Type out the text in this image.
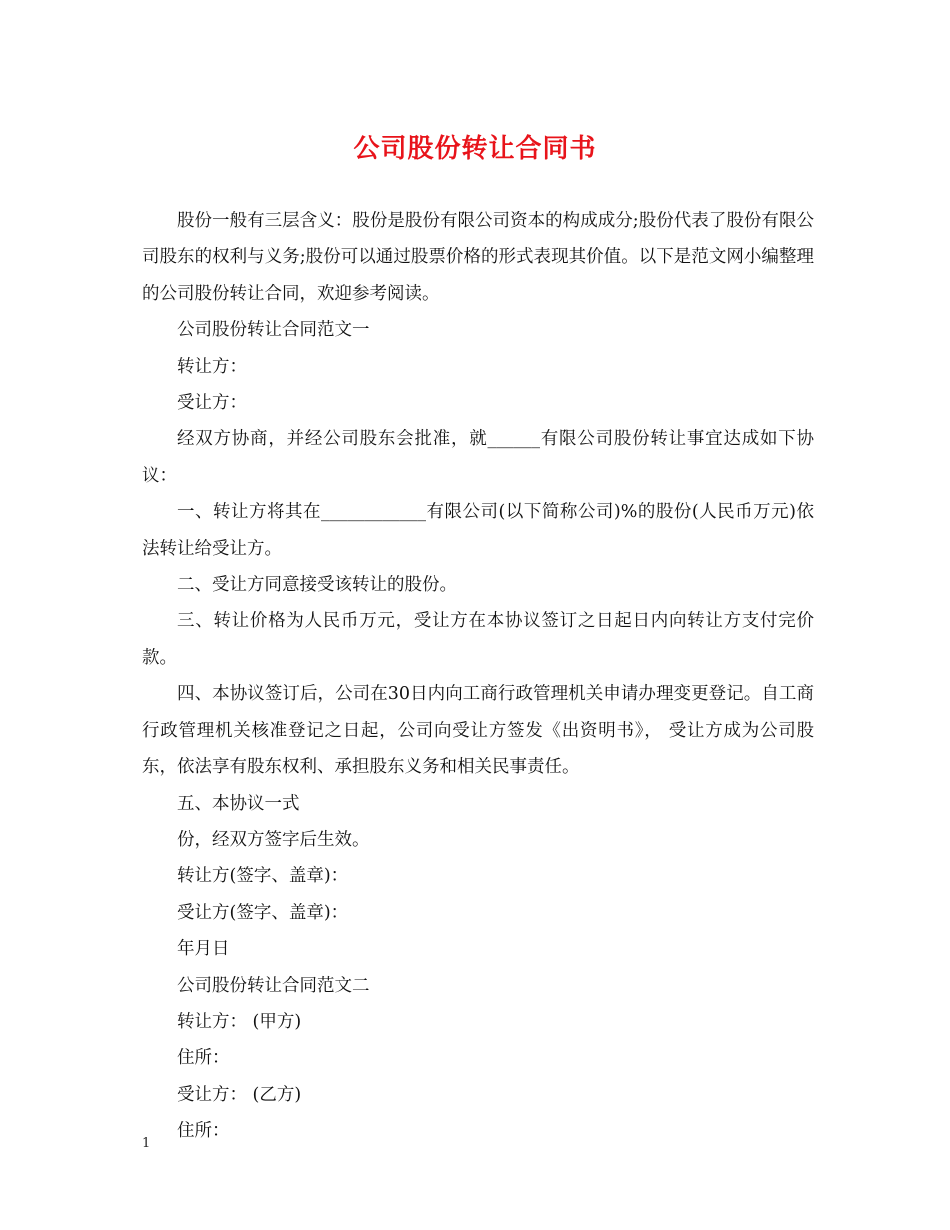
公司股份转让合同书

股份一般有三层含义：股份是股份有限公司资本的构成成分;股份代表了股份有限公司股东的权利与义务;股份可以通过股票价格的形式表现其价值。以下是范文网小编整理的公司股份转让合同，欢迎参考阅读。

公司股份转让合同范文一

转让方：

受让方：

经双方协商，并经公司股东会批准，就______有限公司股份转让事宜达成如下协议：

一、转让方将其在____________有限公司(以下简称公司)%的股份(人民币万元)依法转让给受让方。

二、受让方同意接受该转让的股份。

三、转让价格为人民币万元，受让方在本协议签订之日起日内向转让方支付完价款。

四、本协议签订后，公司在30日内向工商行政管理机关申请办理变更登记。自工商行政管理机关核准登记之日起，公司向受让方签发《出资明书》， 受让方成为公司股东，依法享有股东权利、承担股东义务和相关民事责任。

五、本协议一式

份，经双方签字后生效。

转让方(签字、盖章)：

受让方(签字、盖章)：

年月日

公司股份转让合同范文二

转让方： (甲方)

住所：

受让方： (乙方)

住所：

1
